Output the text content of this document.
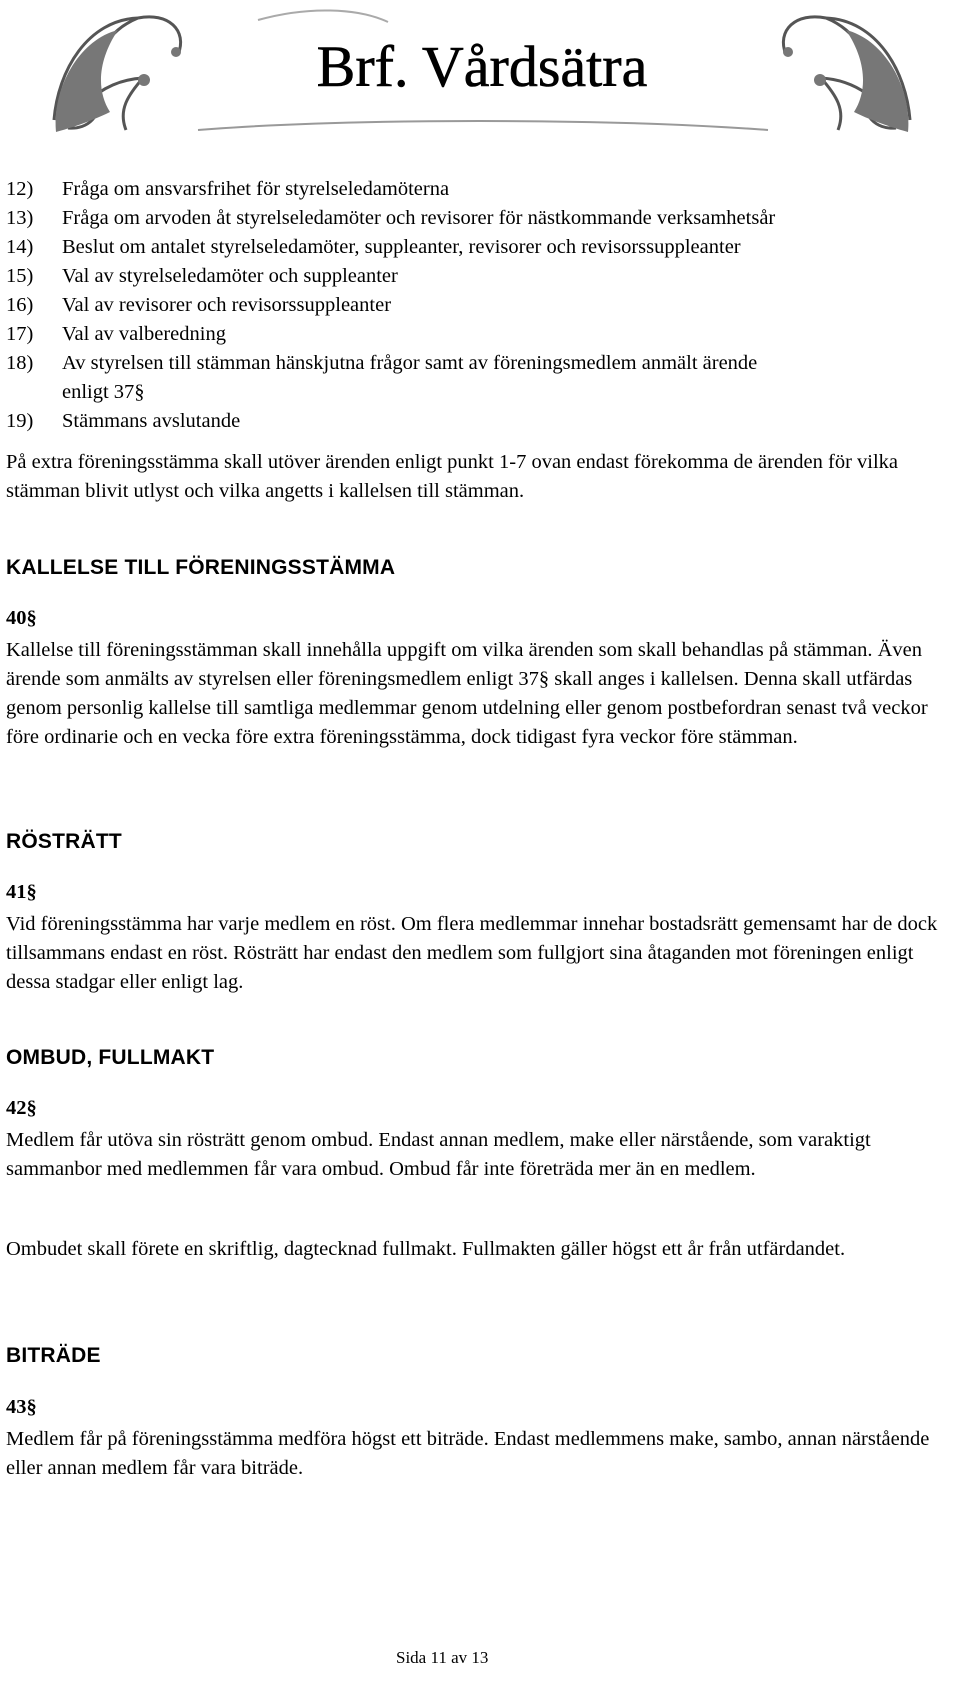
Brf. Vårdsätra
12) Fråga om ansvarsfrihet för styrelseledamöterna
13) Fråga om arvoden åt styrelseledamöter och revisorer för nästkommande verksamhetsår
14) Beslut om antalet styrelseledamöter, suppleanter, revisorer och revisorssuppleanter
15) Val av styrelseledamöter och suppleanter
16) Val av revisorer och revisorssuppleanter
17) Val av valberedning
18) Av styrelsen till stämman hänskjutna frågor samt av föreningsmedlem anmält ärende
enligt 37§
19) Stämmans avslutande

På extra föreningsstämma skall utöver ärenden enligt punkt 1-7 ovan endast förekomma de ärenden för vilka stämman blivit utlyst och vilka angetts i kallelsen till stämman.

KALLELSE TILL FÖRENINGSSTÄMMA
40§

Kallelse till föreningsstämman skall innehålla uppgift om vilka ärenden som skall behandlas på stämman. Även ärende som anmälts av styrelsen eller föreningsmedlem enligt 37§ skall anges i kallelsen. Denna skall utfärdas genom personlig kallelse till samtliga medlemmar genom utdelning eller genom postbefordran senast två veckor före ordinarie och en vecka före extra föreningsstämma, dock tidigast fyra veckor före stämman.

RÖSTRÄTT
41§

Vid föreningsstämma har varje medlem en röst. Om flera medlemmar innehar bostadsrätt gemensamt har de dock tillsammans endast en röst. Rösträtt har endast den medlem som fullgjort sina åtaganden mot föreningen enligt dessa stadgar eller enligt lag.

OMBUD, FULLMAKT
42§

Medlem får utöva sin rösträtt genom ombud. Endast annan medlem, make eller närstående, som varaktigt sammanbor med medlemmen får vara ombud. Ombud får inte företräda mer än en medlem.

Ombudet skall förete en skriftlig, dagtecknad fullmakt. Fullmakten gäller högst ett år från utfärdandet.

BITRÄDE
43§

Medlem får på föreningsstämma medföra högst ett biträde. Endast medlemmens make, sambo, annan närstående eller annan medlem får vara biträde.

Sida 11 av 13
